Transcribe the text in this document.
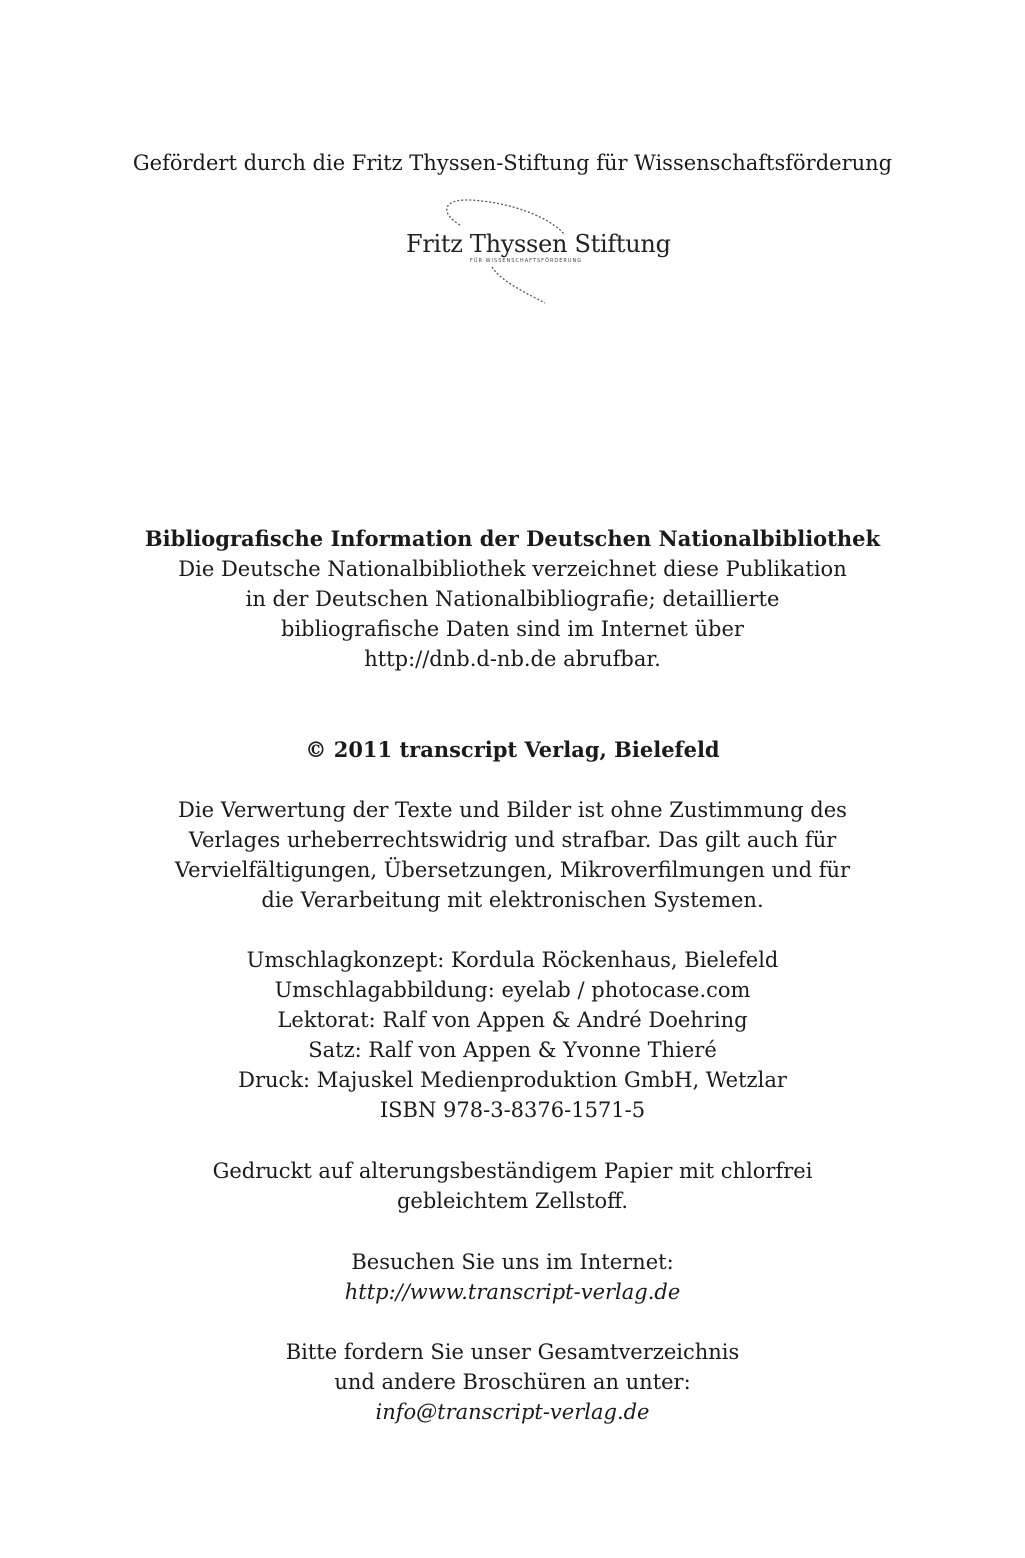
Gefördert durch die Fritz Thyssen-Stiftung für Wissenschaftsförderung
Fritz Thyssen Stiftung
FÜR WISSENSCHAFTSFÖRDERUNG
Bibliografische Information der Deutschen Nationalbibliothek
Die Deutsche Nationalbibliothek verzeichnet diese Publikation
in der Deutschen Nationalbibliografie; detaillierte
bibliografische Daten sind im Internet über
http://dnb.d-nb.de abrufbar.
© 2011 transcript Verlag, Bielefeld
Die Verwertung der Texte und Bilder ist ohne Zustimmung des
Verlages urheberrechtswidrig und strafbar. Das gilt auch für
Vervielfältigungen, Übersetzungen, Mikroverfilmungen und für
die Verarbeitung mit elektronischen Systemen.
Umschlagkonzept: Kordula Röckenhaus, Bielefeld
Umschlagabbildung: eyelab / photocase.com
Lektorat: Ralf von Appen & André Doehring
Satz: Ralf von Appen & Yvonne Thieré
Druck: Majuskel Medienproduktion GmbH, Wetzlar
ISBN 978-3-8376-1571-5
Gedruckt auf alterungsbeständigem Papier mit chlorfrei
gebleichtem Zellstoff.
Besuchen Sie uns im Internet:
http://www.transcript-verlag.de
Bitte fordern Sie unser Gesamtverzeichnis
und andere Broschüren an unter:
info@transcript-verlag.de
